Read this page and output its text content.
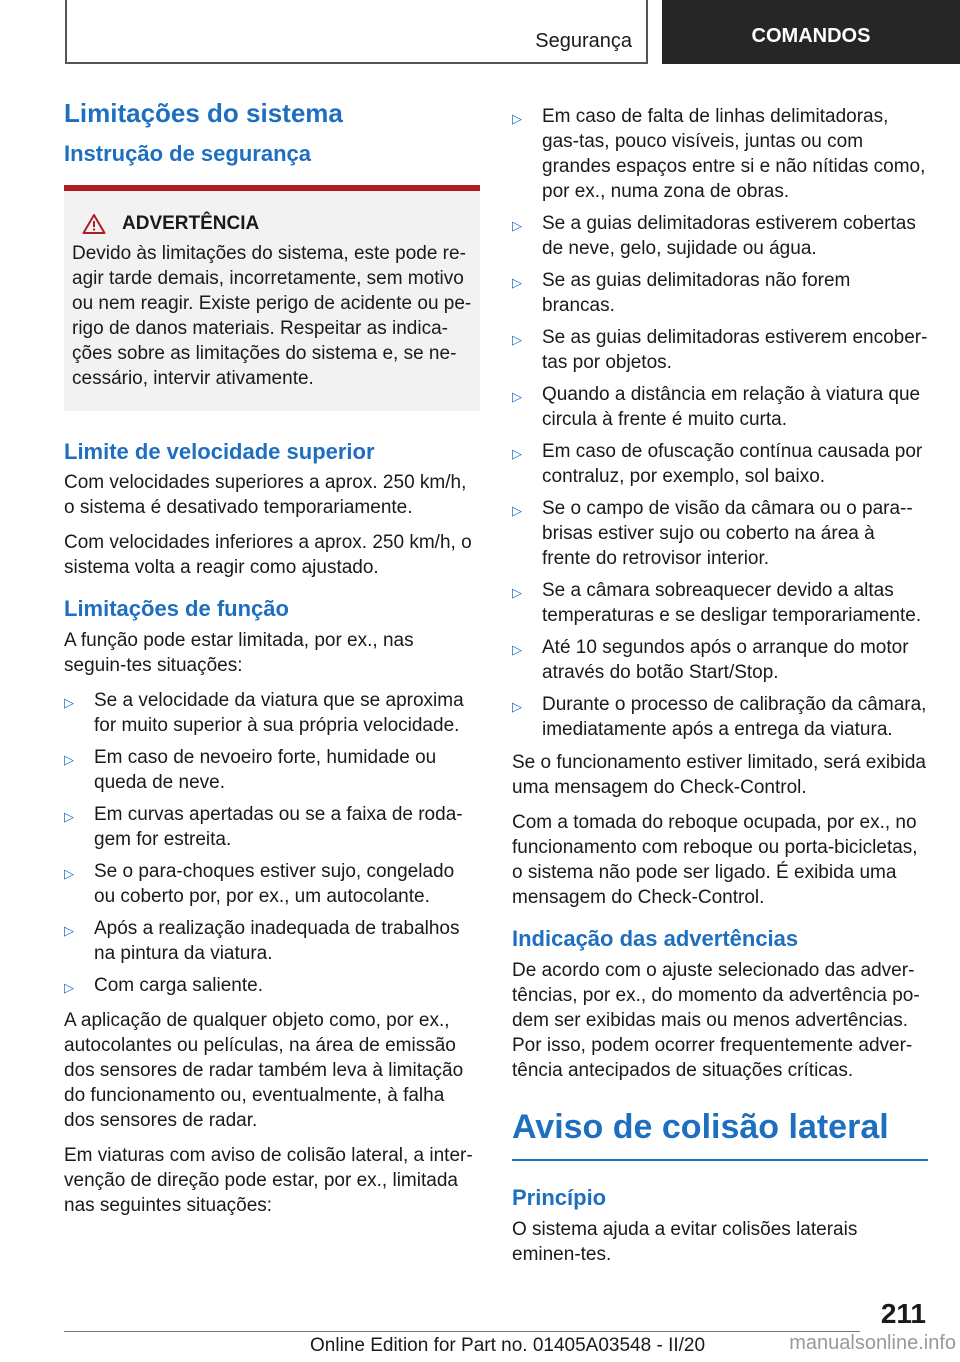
Segurança	COMANDOS
Limitações do sistema
Instrução de segurança
ADVERTÊNCIA

Devido às limitações do sistema, este pode re-agir tarde demais, incorretamente, sem motivo ou nem reagir. Existe perigo de acidente ou pe-rigo de danos materiais. Respeitar as indica-ções sobre as limitações do sistema e, se ne-cessário, intervir ativamente.

Limite de velocidade superior

Com velocidades superiores a aprox. 250 km/h, o sistema é desativado temporariamente.

Com velocidades inferiores a aprox. 250 km/h, o sistema volta a reagir como ajustado.

Limitações de função

A função pode estar limitada, por ex., nas seguin-tes situações:

▷	Se a velocidade da viatura que se aproxima for muito superior à sua própria velocidade.
▷	Em caso de nevoeiro forte, humidade ou queda de neve.
▷	Em curvas apertadas ou se a faixa de roda-gem for estreita.
▷	Se o para-choques estiver sujo, congelado ou coberto por, por ex., um autocolante.
▷	Após a realização inadequada de trabalhos na pintura da viatura.
▷	Com carga saliente.

A aplicação de qualquer objeto como, por ex., autocolantes ou películas, na área de emissão dos sensores de radar também leva à limitação do funcionamento ou, eventualmente, à falha dos sensores de radar.

Em viaturas com aviso de colisão lateral, a inter-venção de direção pode estar, por ex., limitada nas seguintes situações:

▷	Em caso de falta de linhas delimitadoras, gas-tas, pouco visíveis, juntas ou com grandes espaços entre si e não nítidas como, por ex., numa zona de obras.
▷	Se a guias delimitadoras estiverem cobertas de neve, gelo, sujidade ou água.
▷	Se as guias delimitadoras não forem brancas.
▷	Se as guias delimitadoras estiverem encober-tas por objetos.
▷	Quando a distância em relação à viatura que circula à frente é muito curta.
▷	Em caso de ofuscação contínua causada por contraluz, por exemplo, sol baixo.
▷	Se o campo de visão da câmara ou o para--brisas estiver sujo ou coberto na área à frente do retrovisor interior.
▷	Se a câmara sobreaquecer devido a altas temperaturas e se desligar temporariamente.
▷	Até 10 segundos após o arranque do motor através do botão Start/Stop.
▷	Durante o processo de calibração da câmara, imediatamente após a entrega da viatura.

Se o funcionamento estiver limitado, será exibida uma mensagem do Check-Control.

Com a tomada do reboque ocupada, por ex., no funcionamento com reboque ou porta-bicicletas, o sistema não pode ser ligado. É exibida uma mensagem do Check-Control.

Indicação das advertências

De acordo com o ajuste selecionado das adver-tências, por ex., do momento da advertência po-dem ser exibidas mais ou menos advertências. Por isso, podem ocorrer frequentemente adver-tência antecipados de situações críticas.

Aviso de colisão lateral
Princípio

O sistema ajuda a evitar colisões laterais eminen-tes.

211
Online Edition for Part no. 01405A03548 - II/20	manualsonline.info
